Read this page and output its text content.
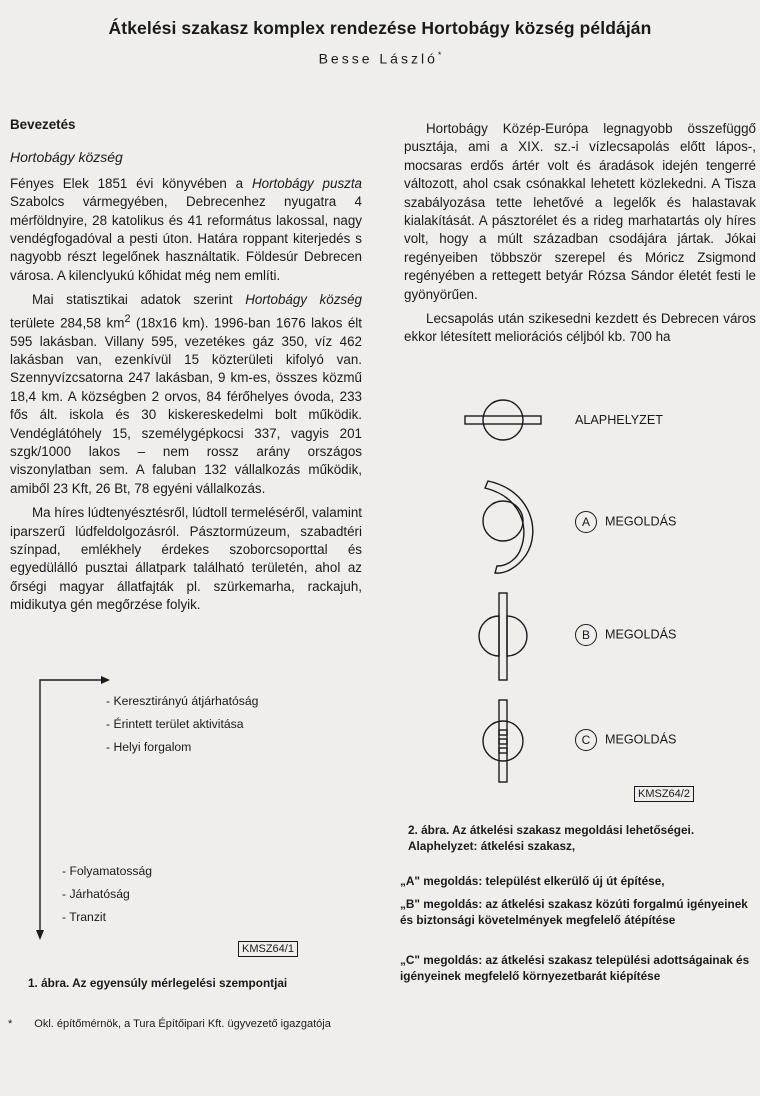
Átkelési szakasz komplex rendezése Hortobágy község példáján
Besse László*
Bevezetés
Hortobágy község

Fényes Elek 1851 évi könyvében a Hortobágy puszta Szabolcs vármegyében, Debrecenhez nyugatra 4 mérföldnyire, 28 katolikus és 41 református lakossal, nagy vendégfogadóval a pesti úton. Határa roppant kiterjedés s nagyobb részt legelőnek használtatik. Földesúr Debrecen városa. A kilenclyukú kőhidat még nem említi.

Mai statisztikai adatok szerint Hortobágy község területe 284,58 $km^2$ (18x16 km). 1996-ban 1676 lakos élt 595 lakásban. Villany 595, vezetékes gáz 350, víz 462 lakásban van, ezenkívül 15 közterületi kifolyó van. Szennyvízcsatorna 247 lakásban, 9 km-es, összes közmű 18,4 km. A községben 2 orvos, 84 férőhelyes óvoda, 233 fős ált. iskola és 30 kiskereskedelmi bolt működik. Vendéglátóhely 15, személygépkocsi 337, vagyis 201 szgk/1000 lakos – nem rossz arány országos viszonylatban sem. A faluban 132 vállalkozás működik, amiből 23 Kft, 26 Bt, 78 egyéni vállalkozás.

Ma híres lúdtenyésztésről, lúdtoll termeléséről, valamint iparszerű lúdfeldolgozásról. Pásztormúzeum, szabadtéri színpad, emlékhely érdekes szoborcsoporttal és egyedülálló pusztai állatpark található területén, ahol az őrségi magyar állatfajták pl. szürkemarha, rackajuh, midikutya gén megőrzése folyik.

Hortobágy Közép-Európa legnagyobb összefüggő pusztája, ami a XIX. sz.-i vízlecsapolás előtt lápos-, mocsaras erdős ártér volt és áradások idején tengerré változott, ahol csak csónakkal lehetett közlekedni. A Tisza szabályozása tette lehetővé a legelők és halastavak kialakítását. A pásztorélet és a rideg marhatartás oly híres volt, hogy a múlt században csodájára jártak. Jókai regényeiben többször szerepel és Móricz Zsigmond regényében a rettegett betyár Rózsa Sándor életét festi le gyönyörűen.

Lecsapolás után szikesedni kezdett és Debrecen város ekkor létesített meliorációs céljból kb. 700 ha

- Keresztirányú átjárhatóság
- Érintett terület aktivitása
- Helyi forgalom
- Folyamatosság
- Járhatóság
- Tranzit
KMSZ64/1
1. ábra. Az egyensúly mérlegelési szempontjai
ALAPHELYZET
A MEGOLDÁS
B MEGOLDÁS
C MEGOLDÁS
KMSZ64/2
2. ábra. Az átkelési szakasz megoldási lehetőségei.
Alaphelyzet: átkelési szakasz,
„A" megoldás: települést elkerülő új út építése,
„B" megoldás: az átkelési szakasz közúti forgalmú igényeinek és biztonsági követelmények megfelelő átépítése
„C" megoldás: az átkelési szakasz települési adottságainak és igényeinek megfelelő környezetbarát kiépítése
* Okl. építőmérnök, a Tura Építőipari Kft. ügyvezető igazgatója
